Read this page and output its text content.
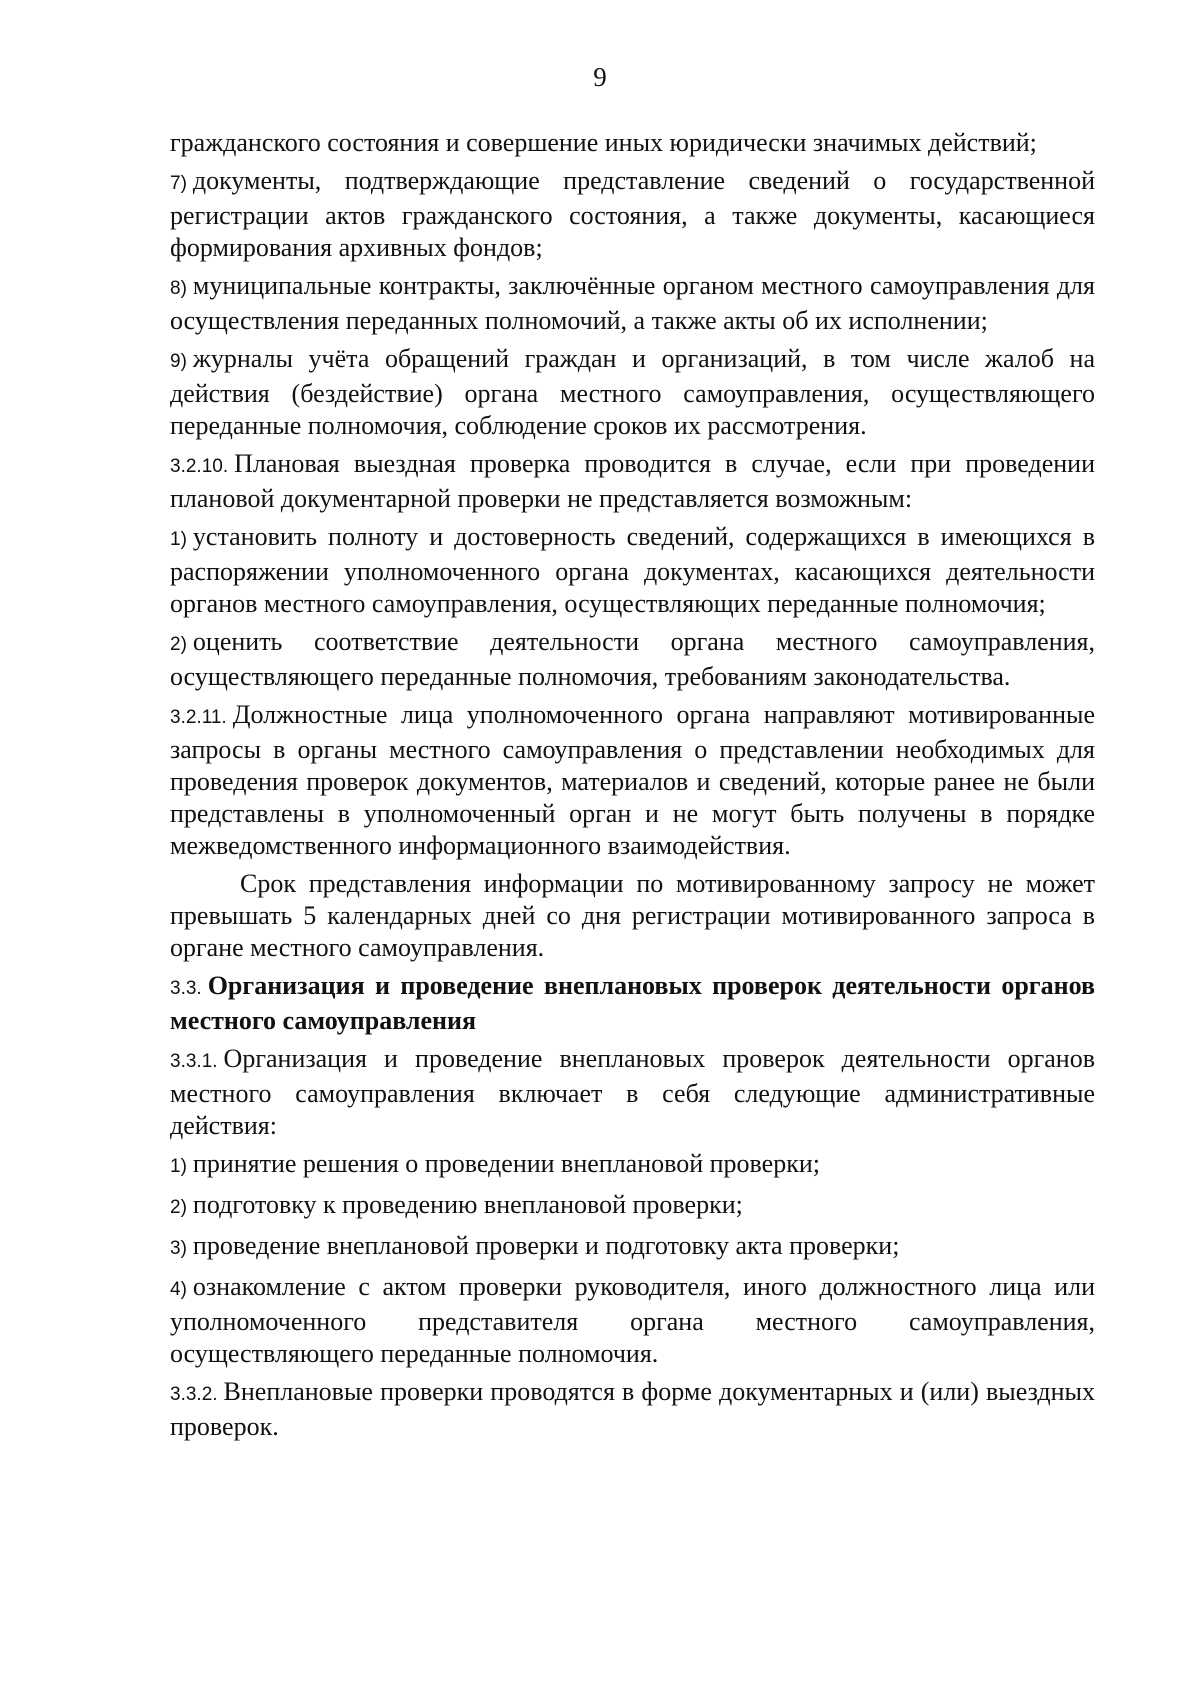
9

гражданского состояния и совершение иных юридически значимых действий;

7) документы, подтверждающие представление сведений о государственной регистрации актов гражданского состояния, а также документы, касающиеся формирования архивных фондов;

8) муниципальные контракты, заключённые органом местного самоуправления для осуществления переданных полномочий, а также акты об их исполнении;

9) журналы учёта обращений граждан и организаций, в том числе жалоб на действия (бездействие) органа местного самоуправления, осуществляющего переданные полномочия, соблюдение сроков их рассмотрения.

3.2.10. Плановая выездная проверка проводится в случае, если при проведении плановой документарной проверки не представляется возможным:

1) установить полноту и достоверность сведений, содержащихся в имеющихся в распоряжении уполномоченного органа документах, касающихся деятельности органов местного самоуправления, осуществляющих переданные полномочия;

2) оценить соответствие деятельности органа местного самоуправления, осуществляющего переданные полномочия, требованиям законодательства.

3.2.11. Должностные лица уполномоченного органа направляют мотивированные запросы в органы местного самоуправления о представлении необходимых для проведения проверок документов, материалов и сведений, которые ранее не были представлены в уполномоченный орган и не могут быть получены в порядке межведомственного информационного взаимодействия.

Срок представления информации по мотивированному запросу не может превышать 5 календарных дней со дня регистрации мотивированного запроса в органе местного самоуправления.

3.3. Организация и проведение внеплановых проверок деятельности органов местного самоуправления

3.3.1. Организация и проведение внеплановых проверок деятельности органов местного самоуправления включает в себя следующие административные действия:

1) принятие решения о проведении внеплановой проверки;

2) подготовку к проведению внеплановой проверки;

3) проведение внеплановой проверки и подготовку акта проверки;

4) ознакомление с актом проверки руководителя, иного должностного лица или уполномоченного представителя органа местного самоуправления, осуществляющего переданные полномочия.

3.3.2. Внеплановые проверки проводятся в форме документарных и (или) выездных проверок.
